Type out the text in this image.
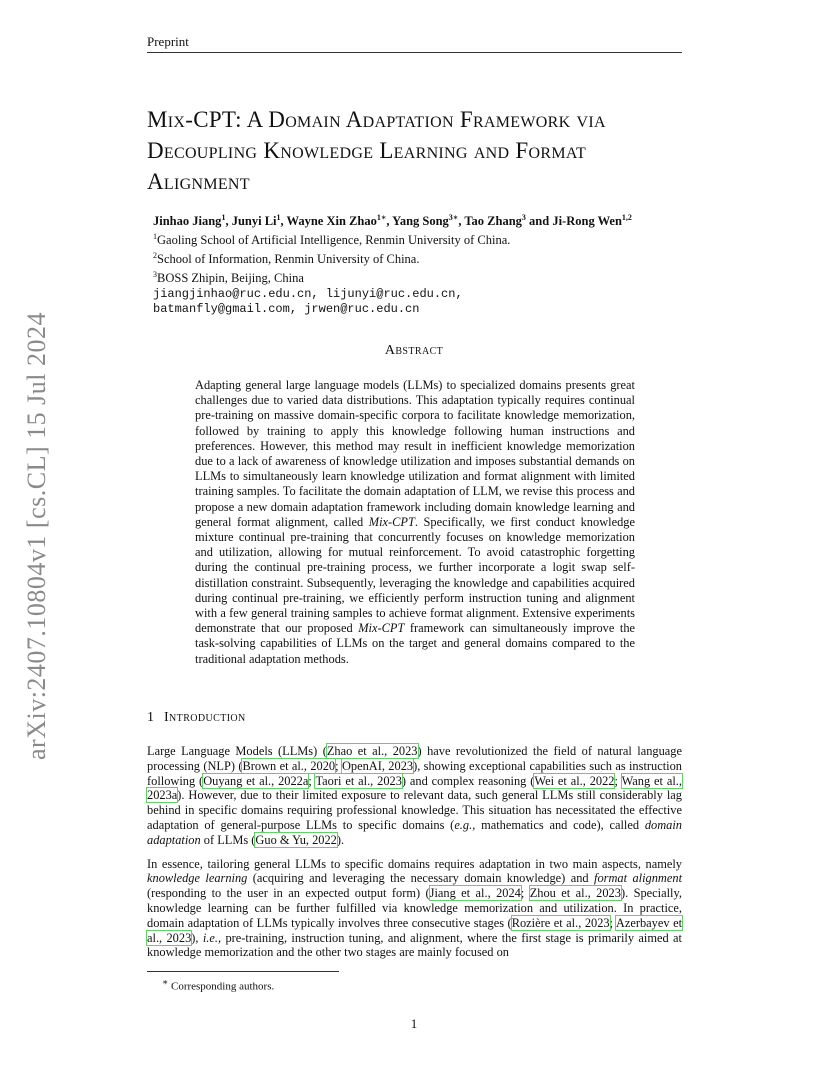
Preprint
arXiv:2407.10804v1 [cs.CL] 15 Jul 2024
Mix-CPT: A Domain Adaptation Framework via Decoupling Knowledge Learning and Format Alignment
Jinhao Jiang$^1$, Junyi Li$^1$, Wayne Xin Zhao$^{1∗}$, Yang Song$^{3∗}$, Tao Zhang$^3$ and Ji-Rong Wen$^{1,2}$
$^1$Gaoling School of Artificial Intelligence, Renmin University of China.
$^2$School of Information, Renmin University of China.
$^3$BOSS Zhipin, Beijing, China
jiangjinhao@ruc.edu.cn, lijunyi@ruc.edu.cn,
batmanfly@gmail.com, jrwen@ruc.edu.cn
Abstract
Adapting general large language models (LLMs) to specialized domains presents great challenges due to varied data distributions. This adaptation typically requires continual pre-training on massive domain-specific corpora to facilitate knowledge memorization, followed by training to apply this knowledge following human instructions and preferences. However, this method may result in inefficient knowledge memorization due to a lack of awareness of knowledge utilization and imposes substantial demands on LLMs to simultaneously learn knowledge utilization and format alignment with limited training samples. To facilitate the domain adaptation of LLM, we revise this process and propose a new domain adaptation framework including domain knowledge learning and general format alignment, called Mix-CPT. Specifically, we first conduct knowledge mixture continual pre-training that concurrently focuses on knowledge memorization and utilization, allowing for mutual reinforcement. To avoid catastrophic forgetting during the continual pre-training process, we further incorporate a logit swap self-distillation constraint. Subsequently, leveraging the knowledge and capabilities acquired during continual pre-training, we efficiently perform instruction tuning and alignment with a few general training samples to achieve format alignment. Extensive experiments demonstrate that our proposed Mix-CPT framework can simultaneously improve the task-solving capabilities of LLMs on the target and general domains compared to the traditional adaptation methods.
1 Introduction

Large Language Models (LLMs) (Zhao et al., 2023) have revolutionized the field of natural language processing (NLP) (Brown et al., 2020; OpenAI, 2023), showing exceptional capabilities such as instruction following (Ouyang et al., 2022a; Taori et al., 2023) and complex reasoning (Wei et al., 2022; Wang et al., 2023a). However, due to their limited exposure to relevant data, such general LLMs still considerably lag behind in specific domains requiring professional knowledge. This situation has necessitated the effective adaptation of general-purpose LLMs to specific domains (e.g., mathematics and code), called domain adaptation of LLMs (Guo & Yu, 2022).

In essence, tailoring general LLMs to specific domains requires adaptation in two main aspects, namely knowledge learning (acquiring and leveraging the necessary domain knowledge) and format alignment (responding to the user in an expected output form) (Jiang et al., 2024; Zhou et al., 2023). Specially, knowledge learning can be further fulfilled via knowledge memorization and utilization. In practice, domain adaptation of LLMs typically involves three consecutive stages (Rozière et al., 2023; Azerbayev et al., 2023), i.e., pre-training, instruction tuning, and alignment, where the first stage is primarily aimed at knowledge memorization and the other two stages are mainly focused on

∗ Corresponding authors.
1
